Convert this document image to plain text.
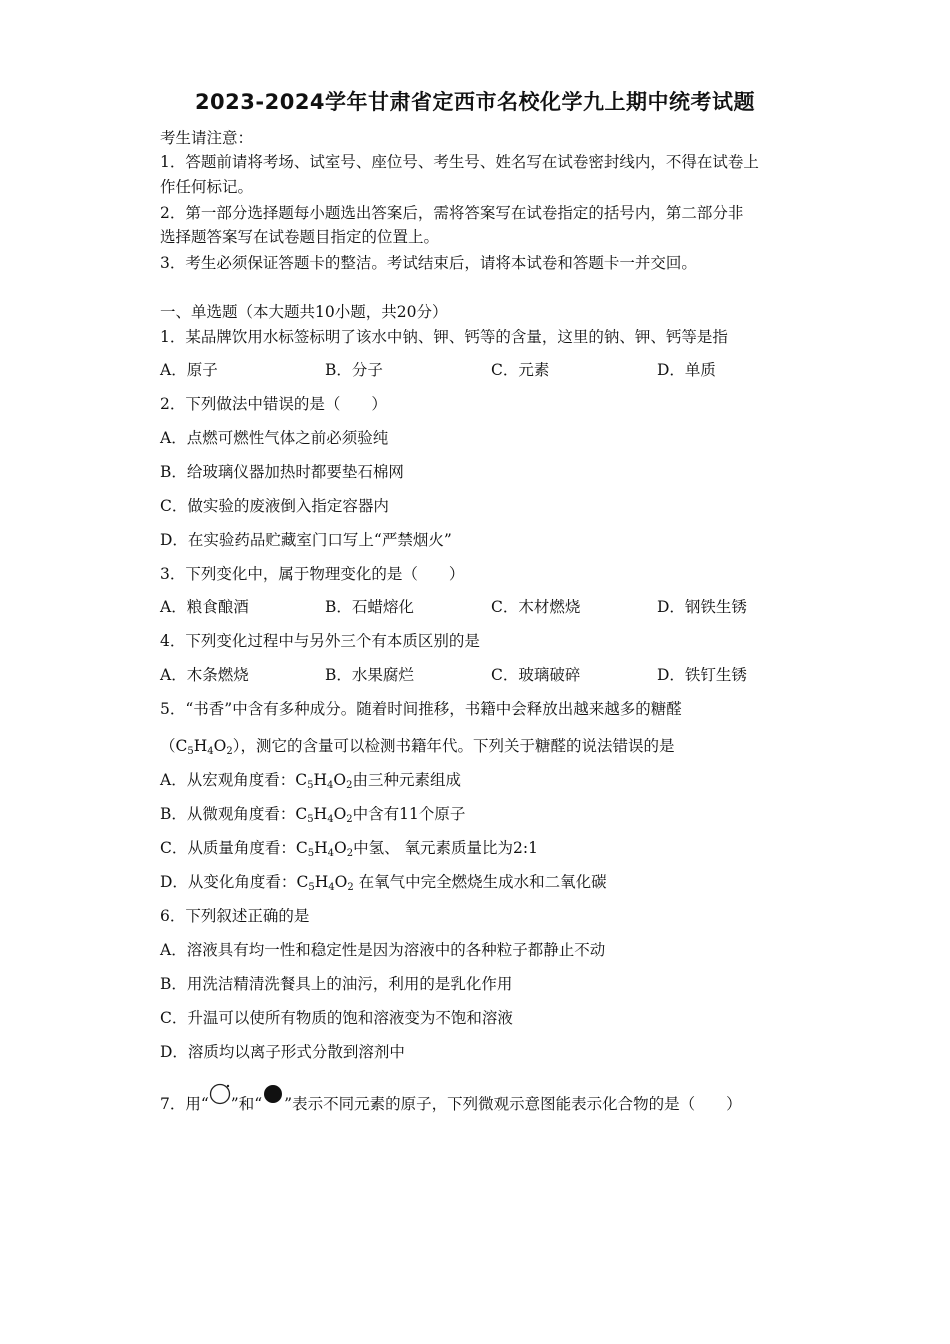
2023-2024学年甘肃省定西市名校化学九上期中统考试题
考生请注意：
1．答题前请将考场、试室号、座位号、考生号、姓名写在试卷密封线内，不得在试卷上
作任何标记。
2．第一部分选择题每小题选出答案后，需将答案写在试卷指定的括号内，第二部分非
选择题答案写在试卷题目指定的位置上。
3．考生必须保证答题卡的整洁。考试结束后，请将本试卷和答题卡一并交回。
一、单选题（本大题共10小题，共20分）
1．某品牌饮用水标签标明了该水中钠、钾、钙等的含量，这里的钠、钾、钙等是指
A．原子	B．分子	C．元素	D．单质
2．下列做法中错误的是（　　）
A．点燃可燃性气体之前必须验纯
B．给玻璃仪器加热时都要垫石棉网
C．做实验的废液倒入指定容器内
D．在实验药品贮藏室门口写上“严禁烟火”
3．下列变化中，属于物理变化的是（　　）
A．粮食酿酒	B．石蜡熔化	C．木材燃烧	D．钢铁生锈
4．下列变化过程中与另外三个有本质区别的是
A．木条燃烧	B．水果腐烂	C．玻璃破碎	D．铁钉生锈
5．“书香”中含有多种成分。随着时间推移，书籍中会释放出越来越多的糖醛
$(C_5H_4O_2)$，测它的含量可以检测书籍年代。下列关于糖醛的说法错误的是
A．从宏观角度看：$C_5H_4O_2$由三种元素组成
B．从微观角度看：$C_5H_4O_2$中含有11个原子
C．从质量角度看：$C_5H_4O_2$中氢、 氧元素质量比为2:1
D．从变化角度看：$C_5H_4O_2$ 在氧气中完全燃烧生成水和二氧化碳
6．下列叙述正确的是
A．溶液具有均一性和稳定性是因为溶液中的各种粒子都静止不动
B．用洗洁精清洗餐具上的油污，利用的是乳化作用
C．升温可以使所有物质的饱和溶液变为不饱和溶液
D．溶质均以离子形式分散到溶剂中
7．用“ ”和“ ”表示不同元素的原子，下列微观示意图能表示化合物的是（　　）
